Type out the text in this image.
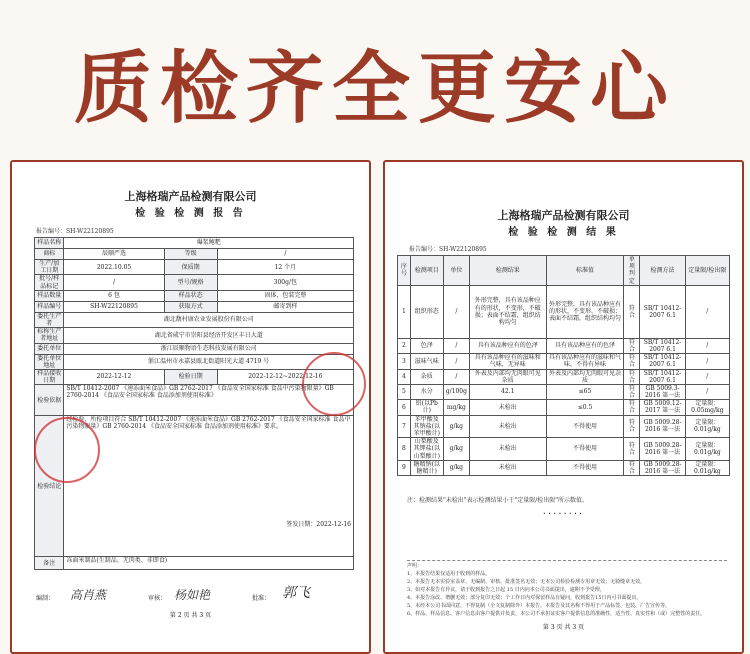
质检齐全更安心
上海格瑞产品检测有限公司
检 验 检 测 报 告
报告编号：SH-W22120895
样品名称	爆浆鲍粑		
商标	辰顺严选	等级	/
生产/加工日期	2022.10.05	保质期	12 个月
批号/样品标记	/	型号/规格	300g/包
样品数量	6 包	样品状态	固体，包装完整
样品编号	SH-W22120895	获取方式	邮寄到样
委托生产者	湖北馥村康农业发展股份有限公司		
标称生产者地址	湖北省咸宁市崇阳县经济开发区丰日大道		
委托单位	浙江辰顺物语生态科技发展有限公司		
委托单位地址	浙江温州市永嘉县瓯北街道阳光大道 4719 号		
样品接收日期	2022-12-12	检验日期	2022-12-12~2022-12-16
检验依据	SB/T 10412-2007 《速冻面米食品》GB 2762-2017 《食品安全国家标准 食品中污染物限量》GB 2760-2014 《食品安全国家标准 食品添加剂使用标准》		
检验结论	经检验，所检项目符合 SB/T 10412-2007 《速冻面米食品》GB 2762-2017 《食品安全国家标准 食品中污染物限量》GB 2760-2014 《食品安全国家标准 食品添加剂使用标准》要求。
签发日期：2022-12-16		

备注	冻面米制品(生制品、无肉类、非即食)		
编制： 高肖燕	审核： 杨如艳	批准： 郭飞
第 2 页 共 3 页
上海格瑞产品检测有限公司
检 验 检 测 结 果
报告编号：SH-W22120895
序号	检测项目	单位	检测结果	标准值	单项判定	检测方法	定量限/检出限
1	组织形态	/	外形完整，具有该品种应有的形状，不变形，不破损；表面不结霜，组织结构均匀	外形完整，具有该品种应有的形状，不变形，不破损；表面不结霜，组织结构均匀	符合	SB/T 10412-2007 6.1	/
2	色泽	/	具有该品种应有的色泽	具有该品种应有的色泽	符合	SB/T 10412-2007 6.1	/
3	滋味气味	/	具有该品种应有的滋味和气味，无异味	具有该品种应有的滋味和气味，不得有异味	符合	SB/T 10412-2007 6.1	/
4	杂质	/	外表及内部均无肉眼可见杂质	外表及内部均无肉眼可见杂质	符合	SB/T 10412-2007 6.1	/
5	水分	g/100g	42.1	≤65	符合	GB 5009.3-2016 第一法	/
6	铅(以Pb计)	mg/kg	未检出	≤0.5	符合	GB 5009.12-2017 第一法	定量限：0.05mg/kg
7	苯甲酸及其钠盐(以苯甲酸计)	g/kg	未检出	不得使用	符合	GB 5009.28-2016 第一法	定量限：0.01g/kg
8	山梨酸及其钾盐(以山梨酸计)	g/kg	未检出	不得使用	符合	GB 5009.28-2016 第一法	定量限：0.01g/kg
9	糖精钠(以糖精计)	g/kg	未检出	不得使用	符合	GB 5009.28-2016 第一法	定量限：0.01g/kg
注：检测结果"未检出"表示检测结果小于"定量限/检出限"所示数值。
........
声明：
1、本报告结果仅适用于收到的样品。
2、本报告无本实验室盖章、无编制、审核、批准签名无效；无本公司检验检测专用章无效；无骑缝章无效。
3、如对本报告有异议，请于收到报告之日起 15 日内向本公司书面提出，逾期不予受理。
4、本报告涂改、增删无效；部分复印无效；个工作日内对保留样品有疑问，收到报告15日内可书面提出。
5、未经本公司书面同意，不得复制（全文复制除外）本报告。本报告及其名称不得用于产品标签、包装、广告宣传等。
6、样品、样品信息、客户信息由客户提供并负责，本公司不承担证实客户提供信息的准确性、适当性、真实性和（或）完整性的责任。
第 3 页 共 3 页
